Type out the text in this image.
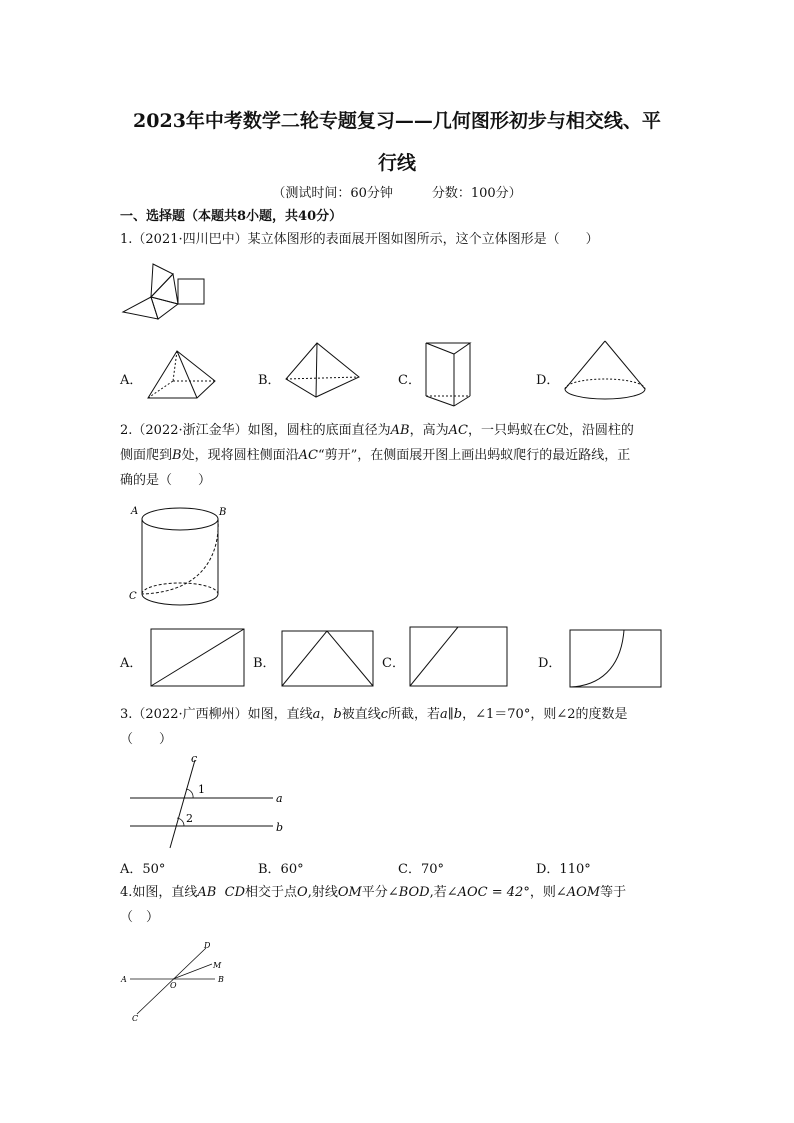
2023年中考数学二轮专题复习——几何图形初步与相交线、平
行线
（测试时间：60分钟　　　分数：100分）
一、选择题（本题共8小题，共40分）
1.（2021·四川巴中）某立体图形的表面展开图如图所示，这个立体图形是（　　）
A．	B．	C．	D．
2.（2022·浙江金华）如图，圆柱的底面直径为AB，高为AC，一只蚂蚁在C处，沿圆柱的
侧面爬到B处，现将圆柱侧面沿AC“剪开”，在侧面展开图上画出蚂蚁爬行的最近路线，正
确的是（　　）
A	B
C
A．	B．	C．	D．
3.（2022·广西柳州）如图，直线a，b被直线c所截，若a∥b，∠1＝70°，则∠2的度数是
（　　）
c
1
2
a
b
A．50°	B．60°	C．70°	D．110°
4.如图，直线AB CD相交于点O,射线OM平分∠BOD,若∠AOC = 42°，则∠AOM等于
（　）
D
M
A
O
B
C
